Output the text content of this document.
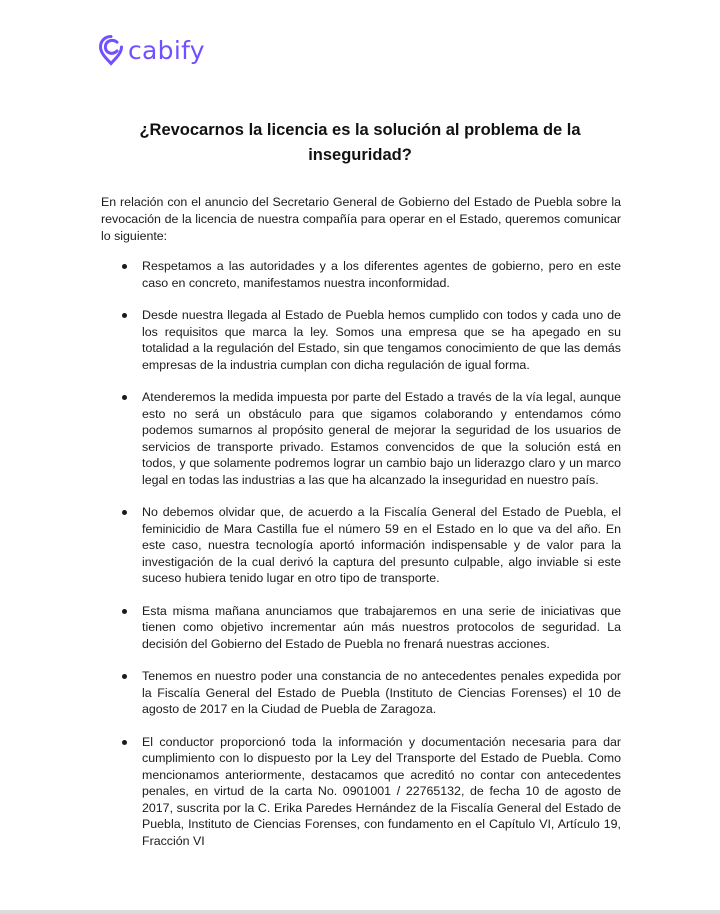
cabify
¿Revocarnos la licencia es la solución al problema de la inseguridad?

En relación con el anuncio del Secretario General de Gobierno del Estado de Puebla sobre la revocación de la licencia de nuestra compañía para operar en el Estado, queremos comunicar lo siguiente:

Respetamos a las autoridades y a los diferentes agentes de gobierno, pero en este caso en concreto, manifestamos nuestra inconformidad.
Desde nuestra llegada al Estado de Puebla hemos cumplido con todos y cada uno de los requisitos que marca la ley. Somos una empresa que se ha apegado en su totalidad a la regulación del Estado, sin que tengamos conocimiento de que las demás empresas de la industria cumplan con dicha regulación de igual forma.
Atenderemos la medida impuesta por parte del Estado a través de la vía legal, aunque esto no será un obstáculo para que sigamos colaborando y entendamos cómo podemos sumarnos al propósito general de mejorar la seguridad de los usuarios de servicios de transporte privado. Estamos convencidos de que la solución está en todos, y que solamente podremos lograr un cambio bajo un liderazgo claro y un marco legal en todas las industrias a las que ha alcanzado la inseguridad en nuestro país.
No debemos olvidar que, de acuerdo a la Fiscalía General del Estado de Puebla, el feminicidio de Mara Castilla fue el número 59 en el Estado en lo que va del año. En este caso, nuestra tecnología aportó información indispensable y de valor para la investigación de la cual derivó la captura del presunto culpable, algo inviable si este suceso hubiera tenido lugar en otro tipo de transporte.
Esta misma mañana anunciamos que trabajaremos en una serie de iniciativas que tienen como objetivo incrementar aún más nuestros protocolos de seguridad. La decisión del Gobierno del Estado de Puebla no frenará nuestras acciones.
Tenemos en nuestro poder una constancia de no antecedentes penales expedida por la Fiscalía General del Estado de Puebla (Instituto de Ciencias Forenses) el 10 de agosto de 2017 en la Ciudad de Puebla de Zaragoza.
El conductor proporcionó toda la información y documentación necesaria para dar cumplimiento con lo dispuesto por la Ley del Transporte del Estado de Puebla. Como mencionamos anteriormente, destacamos que acreditó no contar con antecedentes penales, en virtud de la carta No. 0901001 / 22765132, de fecha 10 de agosto de 2017, suscrita por la C. Erika Paredes Hernández de la Fiscalía General del Estado de Puebla, Instituto de Ciencias Forenses, con fundamento en el Capítulo VI, Artículo 19, Fracción VI
